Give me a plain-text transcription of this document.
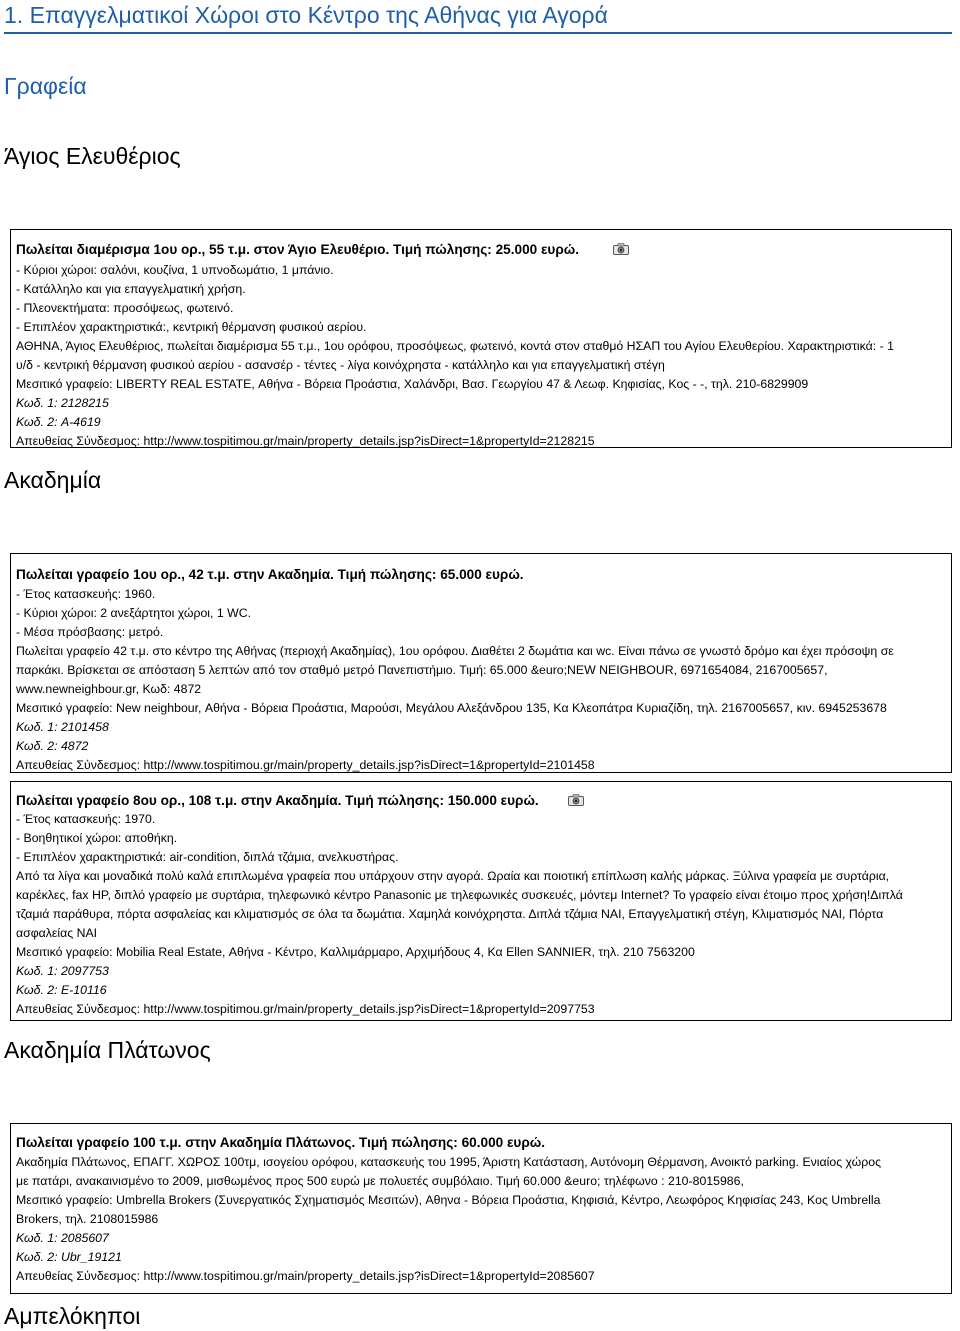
1. Επαγγελματικοί Χώροι στο Κέντρο της Αθήνας για Αγορά
Γραφεία
Άγιος Ελευθέριος
Πωλείται διαμέρισμα 1ου ορ., 55 τ.μ. στον Άγιο Ελευθέριο. Τιμή πώλησης: 25.000 ευρώ.
- Κύριοι χώροι: σαλόνι, κουζίνα, 1 υπνοδωμάτιο, 1 μπάνιο.
- Κατάλληλο και για επαγγελματική χρήση.
- Πλεονεκτήματα: προσόψεως, φωτεινό.
- Επιπλέον χαρακτηριστικά:, κεντρική θέρμανση φυσικού αερίου.
ΑΘΗΝΑ, Άγιος Ελευθέριος, πωλείται διαμέρισμα 55 τ.μ., 1ου ορόφου, προσόψεως, φωτεινό, κοντά στον σταθμό ΗΣΑΠ του Αγίου Ελευθερίου. Χαρακτηριστικά: - 1
υ/δ - κεντρική θέρμανση φυσικού αερίου - ασανσέρ - τέντες - λίγα κοινόχρηστα - κατάλληλο και για επαγγελματική στέγη
Μεσιτικό γραφείο: LIBERTY REAL ESTATE, Αθήνα - Βόρεια Προάστια, Χαλάνδρι, Βασ. Γεωργίου 47 & Λεωφ. Κηφισίας, Κος - -, τηλ. 210-6829909
Κωδ. 1: 2128215
Κωδ. 2: A-4619
Απευθείας Σύνδεσμος: http://www.tospitimou.gr/main/property_details.jsp?isDirect=1&propertyId=2128215
Ακαδημία
Πωλείται γραφείο 1ου ορ., 42 τ.μ. στην Ακαδημία. Τιμή πώλησης: 65.000 ευρώ.
- Έτος κατασκευής: 1960.
- Κύριοι χώροι: 2 ανεξάρτητοι χώροι, 1 WC.
- Μέσα πρόσβασης: μετρό.
Πωλείται γραφείο 42 τ.μ. στο κέντρο της Αθήνας (περιοχή Ακαδημίας), 1ου ορόφου. Διαθέτει 2 δωμάτια και wc. Είναι πάνω σε γνωστό δρόμο και έχει πρόσοψη σε
παρκάκι. Βρίσκεται σε απόσταση 5 λεπτών από τον σταθμό μετρό Πανεπιστήμιο. Τιμή: 65.000 &euro;NEW NEIGHBOUR, 6971654084, 2167005657,
www.newneighbour.gr, Κωδ: 4872
Μεσιτικό γραφείο: New neighbour, Αθήνα - Βόρεια Προάστια, Μαρούσι, Μεγάλου Αλεξάνδρου 135, Κα Κλεοπάτρα Κυριαζίδη, τηλ. 2167005657, κιν. 6945253678
Κωδ. 1: 2101458
Κωδ. 2: 4872
Απευθείας Σύνδεσμος: http://www.tospitimou.gr/main/property_details.jsp?isDirect=1&propertyId=2101458
Πωλείται γραφείο 8ου ορ., 108 τ.μ. στην Ακαδημία. Τιμή πώλησης: 150.000 ευρώ.
- Έτος κατασκευής: 1970.
- Βοηθητικοί χώροι: αποθήκη.
- Επιπλέον χαρακτηριστικά: air-condition, διπλά τζάμια, ανελκυστήρας.
Από τα λίγα και μοναδικά πολύ καλά επιπλωμένα γραφεία που υπάρχουν στην αγορά. Ωραία και ποιοτική επίπλωση καλής μάρκας. Ξύλινα γραφεία με συρτάρια,
καρέκλες, fax HP, διπλό γραφείο με συρτάρια, τηλεφωνικό κέντρο Panasonic με τηλεφωνικές συσκευές, μόντεμ Internet? Το γραφείο είναι έτοιμο προς χρήση!Διπλά
τζαμιά παράθυρα, πόρτα ασφαλείας και κλιματισμός σε όλα τα δωμάτια. Χαμηλά κοινόχρηστα. Διπλά τζάμια ΝΑΙ, Επαγγελματική στέγη, Κλιματισμός ΝΑΙ, Πόρτα
ασφαλείας ΝΑΙ
Μεσιτικό γραφείο: Mobilia Real Estate, Αθήνα - Κέντρο, Καλλιμάρμαρο, Αρχιμήδους 4, Κα Ellen SANNIER, τηλ. 210 7563200
Κωδ. 1: 2097753
Κωδ. 2: E-10116
Απευθείας Σύνδεσμος: http://www.tospitimou.gr/main/property_details.jsp?isDirect=1&propertyId=2097753
Ακαδημία Πλάτωνος
Πωλείται γραφείο 100 τ.μ. στην Ακαδημία Πλάτωνος. Τιμή πώλησης: 60.000 ευρώ.
Ακαδημία Πλάτωνος, ΕΠΑΓΓ. ΧΩΡΟΣ 100τμ, ισογείου ορόφου, κατασκευής του 1995, Άριστη Κατάσταση, Αυτόνομη Θέρμανση, Ανοικτό parking. Ενιαίος χώρος
με πατάρι, ανακαινισμένο το 2009, μισθωμένος προς 500 ευρώ με πολυετές συμβόλαιο. Τιμή 60.000 &euro; τηλέφωνο : 210-8015986,
Μεσιτικό γραφείο: Umbrella Brokers (Συνεργατικός Σχηματισμός Μεσιτών), Αθηνα - Βόρεια Προάστια, Κηφισιά, Κέντρο, Λεωφόρος Κηφισίας 243, Κος Umbrella
Brokers, τηλ. 2108015986
Κωδ. 1: 2085607
Κωδ. 2: Ubr_19121
Απευθείας Σύνδεσμος: http://www.tospitimou.gr/main/property_details.jsp?isDirect=1&propertyId=2085607
Αμπελόκηποι
